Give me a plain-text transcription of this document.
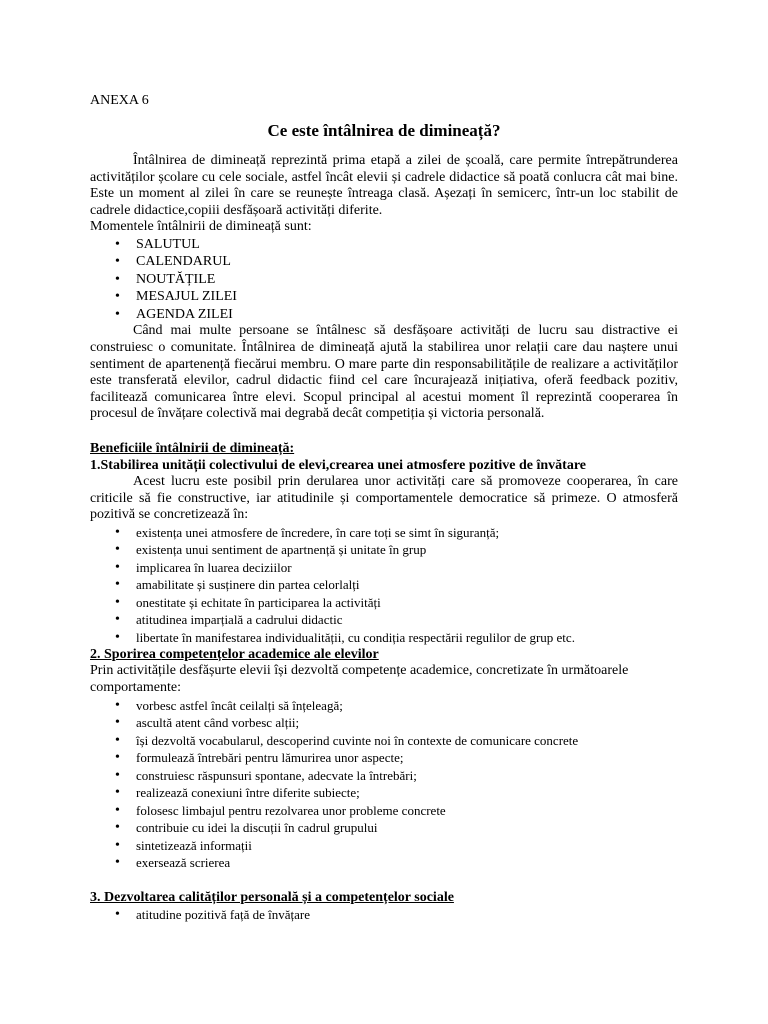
ANEXA 6
Ce este întâlnirea de dimineață?

Întâlnirea de dimineață reprezintă prima etapă a zilei de școală, care permite întrepătrunderea activităților școlare cu cele sociale, astfel încât elevii și cadrele didactice să poată conlucra cât mai bine. Este un moment al zilei în care se reunește întreaga clasă. Așezați în semicerc, într-un loc stabilit de cadrele didactice,copiii desfășoară activități diferite.

Momentele întâlnirii de dimineață sunt:

• SALUTUL
• CALENDARUL
• NOUTĂȚILE
• MESAJUL ZILEI
• AGENDA ZILEI

Când mai multe persoane se întâlnesc să desfășoare activități de lucru sau distractive ei construiesc o comunitate. Întâlnirea de dimineață ajută la stabilirea unor relații care dau naștere unui sentiment de apartenență fiecărui membru. O mare parte din responsabilitățile de realizare a activităților este transferată elevilor, cadrul didactic fiind cel care încurajează inițiativa, oferă feedback pozitiv, facilitează comunicarea între elevi. Scopul principal al acestui moment îl reprezintă cooperarea în procesul de învățare colectivă mai degrabă decât competiția și victoria personală.

Beneficiile întâlnirii de dimineață:
1.Stabilirea unității colectivului de elevi,crearea unei atmosfere pozitive de învătare

Acest lucru este posibil prin derularea unor activități care să promoveze cooperarea, în care criticile să fie constructive, iar atitudinile și comportamentele democratice să primeze. O atmosferă pozitivă se concretizează în:

• existența unei atmosfere de încredere, în care toți se simt în siguranță;
• existența unui sentiment de apartnență și unitate în grup
• implicarea în luarea deciziilor
• amabilitate și susținere din partea celorlalți
• onestitate și echitate în participarea la activități
• atitudinea imparțială a cadrului didactic
• libertate în manifestarea individualității, cu condiția respectării regulilor de grup etc.
2. Sporirea competențelor academice ale elevilor

Prin activitățile desfășurte elevii își dezvoltă competențe academice, concretizate în următoarele comportamente:

• vorbesc astfel încât ceilalți să înțeleagă;
• ascultă atent când vorbesc alții;
• își dezvoltă vocabularul, descoperind cuvinte noi în contexte de comunicare concrete
• formulează întrebări pentru lămurirea unor aspecte;
• construiesc răspunsuri spontane, adecvate la întrebări;
• realizează conexiuni între diferite subiecte;
• folosesc limbajul pentru rezolvarea unor probleme concrete
• contribuie cu idei la discuții în cadrul grupului
• sintetizează informații
• exersează scrierea
3. Dezvoltarea calităților personală și a competențelor sociale
• atitudine pozitivă față de învățare
